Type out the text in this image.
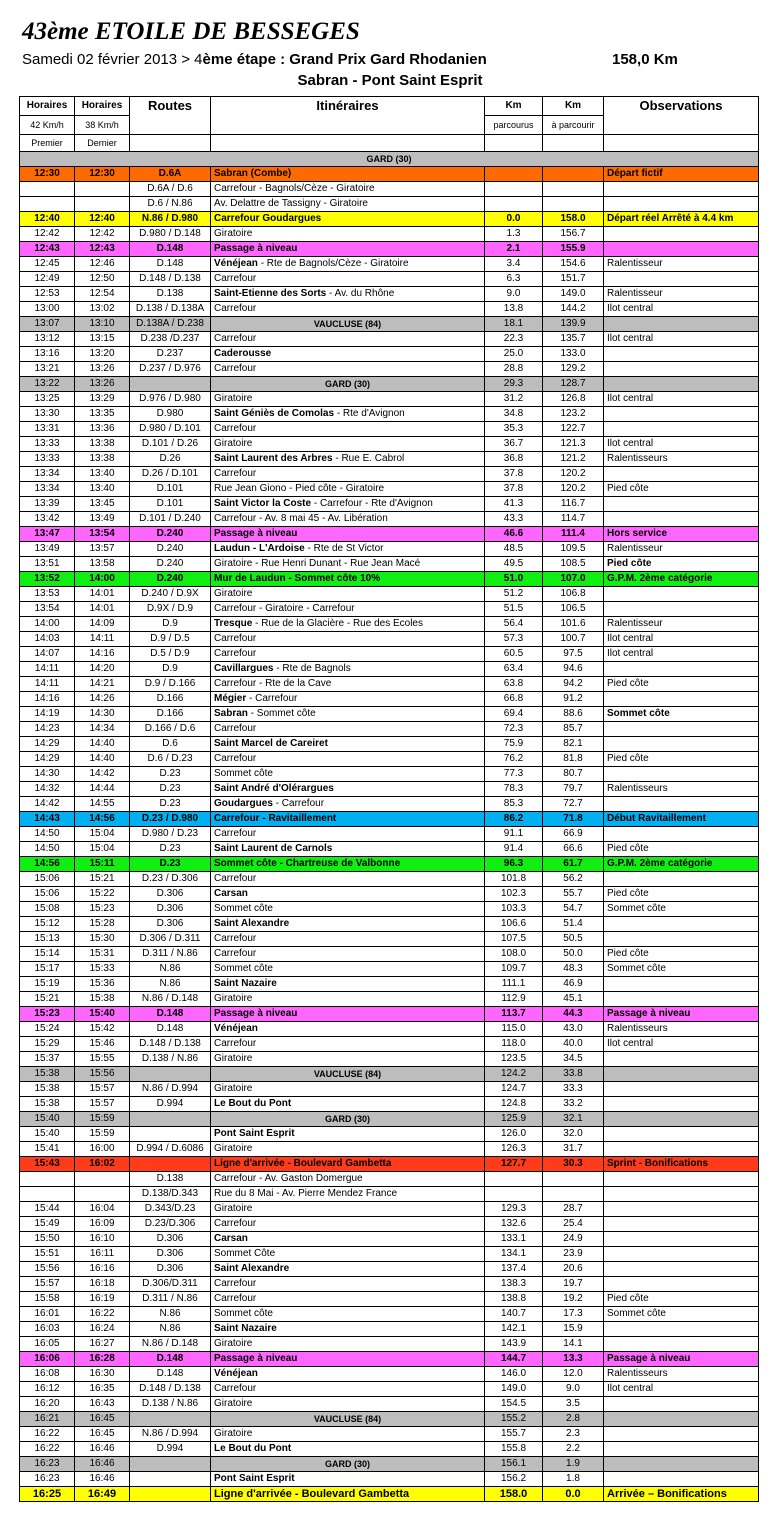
43ème ETOILE DE BESSEGES
Samedi 02 février 2013 > 4ème étape : Grand Prix Gard Rhodanien	158,0 Km
Sabran - Pont Saint Esprit
Horaires	Horaires	Routes	Itinéraires	Km	Km	Observations
42 Km/h	38 Km/h			parcourus	à parcourir	
Premier	Dernier					
GARD (30)						
12:30	12:30	D.6A	Sabran (Combe)			Départ fictif
		D.6A / D.6	Carrefour - Bagnols/Cèze - Giratoire			
		D.6 / N.86	Av. Delattre de Tassigny - Giratoire			
12:40	12:40	N.86 / D.980	Carrefour Goudargues	0.0	158.0	Départ réel Arrêté à 4.4 km
12:42	12:42	D.980 / D.148	Giratoire	1.3	156.7	
12:43	12:43	D.148	Passage à niveau	2.1	155.9	
12:45	12:46	D.148	Vénéjean - Rte de Bagnols/Cèze - Giratoire	3.4	154.6	Ralentisseur
12:49	12:50	D.148 / D.138	Carrefour	6.3	151.7	
12:53	12:54	D.138	Saint-Etienne des Sorts - Av. du Rhône	9.0	149.0	Ralentisseur
13:00	13:02	D.138 / D.138A	Carrefour	13.8	144.2	Ilot central
13:07	13:10	D.138A / D.238	VAUCLUSE (84)	18.1	139.9	
13:12	13:15	D.238 /D.237	Carrefour	22.3	135.7	Ilot central
13:16	13:20	D.237	Caderousse	25.0	133.0	
13:21	13:26	D.237 / D.976	Carrefour	28.8	129.2	
13:22	13:26		GARD (30)	29.3	128.7	
13:25	13:29	D.976 / D.980	Giratoire	31.2	126.8	Ilot central
13:30	13:35	D.980	Saint Géniès de Comolas - Rte d'Avignon	34.8	123.2	
13:31	13:36	D.980 / D.101	Carrefour	35.3	122.7	
13:33	13:38	D.101 / D.26	Giratoire	36.7	121.3	Ilot central
13:33	13:38	D.26	Saint Laurent des Arbres - Rue E. Cabrol	36.8	121.2	Ralentisseurs
13:34	13:40	D.26 / D.101	Carrefour	37.8	120.2	
13:34	13:40	D.101	Rue Jean Giono - Pied côte - Giratoire	37.8	120.2	Pied côte
13:39	13:45	D.101	Saint Victor la Coste - Carrefour - Rte d'Avignon	41.3	116.7	
13:42	13:49	D.101 / D.240	Carrefour - Av. 8 mai 45 - Av. Libération	43.3	114.7	
13:47	13:54	D.240	Passage à niveau	46.6	111.4	Hors service
13:49	13:57	D.240	Laudun - L'Ardoise - Rte de St Victor	48.5	109.5	Ralentisseur
13:51	13:58	D.240	Giratoire - Rue Henri Dunant - Rue Jean Macé	49.5	108.5	Pied côte
13:52	14:00	D.240	Mur de Laudun - Sommet côte 10%	51.0	107.0	G.P.M. 2ème catégorie
13:53	14:01	D.240 / D.9X	Giratoire	51.2	106.8	
13:54	14:01	D.9X / D.9	Carrefour - Giratoire - Carrefour	51.5	106.5	
14:00	14:09	D.9	Tresque - Rue de la Glacière - Rue des Ecoles	56.4	101.6	Ralentisseur
14:03	14:11	D.9 / D.5	Carrefour	57.3	100.7	Ilot central
14:07	14:16	D.5 / D.9	Carrefour	60.5	97.5	Ilot central
14:11	14:20	D.9	Cavillargues - Rte de Bagnols	63.4	94.6	
14:11	14:21	D.9 / D.166	Carrefour - Rte de la Cave	63.8	94.2	Pied côte
14:16	14:26	D.166	Mégier - Carrefour	66.8	91.2	
14:19	14:30	D.166	Sabran - Sommet côte	69.4	88.6	Sommet côte
14:23	14:34	D.166 / D.6	Carrefour	72.3	85.7	
14:29	14:40	D.6	Saint Marcel de Careiret	75.9	82.1	
14:29	14:40	D.6 / D.23	Carrefour	76.2	81.8	Pied côte
14:30	14:42	D.23	Sommet côte	77.3	80.7	
14:32	14:44	D.23	Saint André d'Olérargues	78.3	79.7	Ralentisseurs
14:42	14:55	D.23	Goudargues - Carrefour	85.3	72.7	
14:43	14:56	D.23 / D.980	Carrefour - Ravitaillement	86.2	71.8	Début Ravitaillement
14:50	15:04	D.980 / D.23	Carrefour	91.1	66.9	
14:50	15:04	D.23	Saint Laurent de Carnols	91.4	66.6	Pied côte
14:56	15:11	D.23	Sommet côte - Chartreuse de Valbonne	96.3	61.7	G.P.M. 2ème catégorie
15:06	15:21	D.23 / D.306	Carrefour	101.8	56.2	
15:06	15:22	D.306	Carsan	102.3	55.7	Pied côte
15:08	15:23	D.306	Sommet côte	103.3	54.7	Sommet côte
15:12	15:28	D.306	Saint Alexandre	106.6	51.4	
15:13	15:30	D.306 / D.311	Carrefour	107.5	50.5	
15:14	15:31	D.311 / N.86	Carrefour	108.0	50.0	Pied côte
15:17	15:33	N.86	Sommet côte	109.7	48.3	Sommet côte
15:19	15:36	N.86	Saint Nazaire	111.1	46.9	
15:21	15:38	N.86 / D.148	Giratoire	112.9	45.1	
15:23	15:40	D.148	Passage à niveau	113.7	44.3	Passage à niveau
15:24	15:42	D.148	Vénéjean	115.0	43.0	Ralentisseurs
15:29	15:46	D.148 / D.138	Carrefour	118.0	40.0	Ilot central
15:37	15:55	D.138 / N.86	Giratoire	123.5	34.5	
15:38	15:56		VAUCLUSE (84)	124.2	33.8	
15:38	15:57	N.86 / D.994	Giratoire	124.7	33.3	
15:38	15:57	D.994	Le Bout du Pont	124.8	33.2	
15:40	15:59		GARD (30)	125.9	32.1	
15:40	15:59		Pont Saint Esprit	126.0	32.0	
15:41	16:00	D.994 / D.6086	Giratoire	126.3	31.7	
15:43	16:02		Ligne d'arrivée - Boulevard Gambetta	127.7	30.3	Sprint - Bonifications
		D.138	Carrefour - Av. Gaston Domergue			
		D.138/D.343	Rue du 8 Mai - Av. Pierre Mendez France			
15:44	16:04	D.343/D.23	Giratoire	129.3	28.7	
15:49	16:09	D.23/D.306	Carrefour	132.6	25.4	
15:50	16:10	D.306	Carsan	133.1	24.9	
15:51	16:11	D.306	Sommet Côte	134.1	23.9	
15:56	16:16	D.306	Saint Alexandre	137.4	20.6	
15:57	16:18	D.306/D.311	Carrefour	138.3	19.7	
15:58	16:19	D.311 / N.86	Carrefour	138.8	19.2	Pied côte
16:01	16:22	N.86	Sommet côte	140.7	17.3	Sommet côte
16:03	16:24	N.86	Saint Nazaire	142.1	15.9	
16:05	16:27	N.86 / D.148	Giratoire	143.9	14.1	
16:06	16:28	D.148	Passage à niveau	144.7	13.3	Passage à niveau
16:08	16:30	D.148	Vénéjean	146.0	12.0	Ralentisseurs
16:12	16:35	D.148 / D.138	Carrefour	149.0	9.0	Ilot central
16:20	16:43	D.138 / N.86	Giratoire	154.5	3.5	
16:21	16:45		VAUCLUSE (84)	155.2	2.8	
16:22	16:45	N.86 / D.994	Giratoire	155.7	2.3	
16:22	16:46	D.994	Le Bout du Pont	155.8	2.2	
16:23	16:46		GARD (30)	156.1	1.9	
16:23	16:46		Pont Saint Esprit	156.2	1.8	
16:25	16:49		Ligne d'arrivée - Boulevard Gambetta	158.0	0.0	Arrivée – Bonifications
